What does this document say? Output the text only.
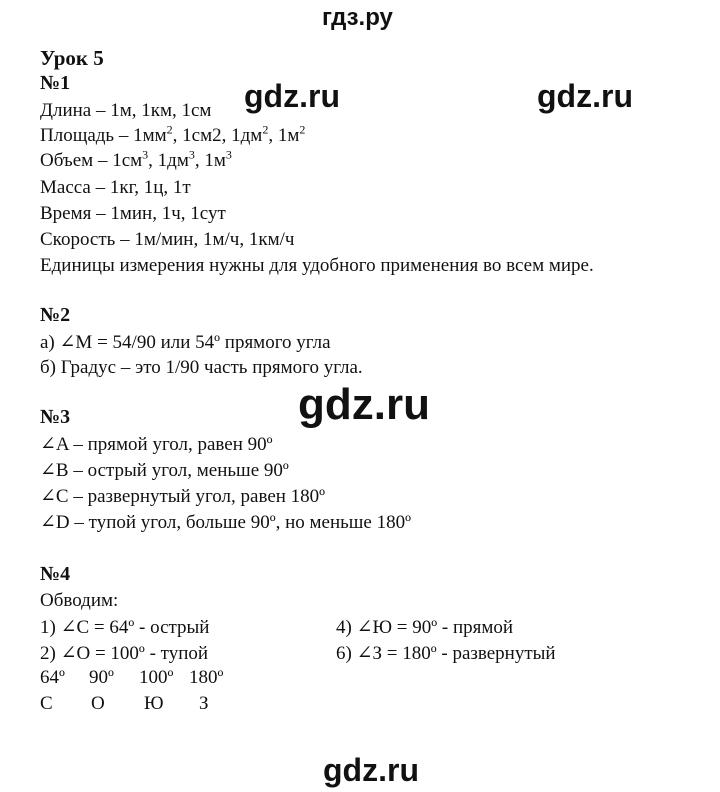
гдз.ру
gdz.ru	gdz.ru
gdz.ru
gdz.ru
Урок 5
№1
Длина – 1м, 1км, 1см
Площадь – $1мм^2$, 1см2, $1дм^2$, $1м^2$
Объем – $1см^3$, $1дм^3$, $1м^3$
Масса – 1кг, 1ц, 1т
Время – 1мин, 1ч, 1сут
Скорость – 1м/мин, 1м/ч, 1км/ч
Единицы измерения нужны для удобного применения во всем мире.
№2
а) ∠M = 54/90 или 54º прямого угла
б) Градус – это 1/90 часть прямого угла.
№3
∠A – прямой угол, равен 90º
∠B – острый угол, меньше 90º
∠C – развернутый угол, равен 180º
∠D – тупой угол, больше 90º, но меньше 180º
№4
Обводим:
1) ∠С = 64º - острый	4) ∠Ю = 90º - прямой
2) ∠О = 100º - тупой	6) ∠З = 180º - развернутый
64º 90º 100º 180º
С О Ю З
